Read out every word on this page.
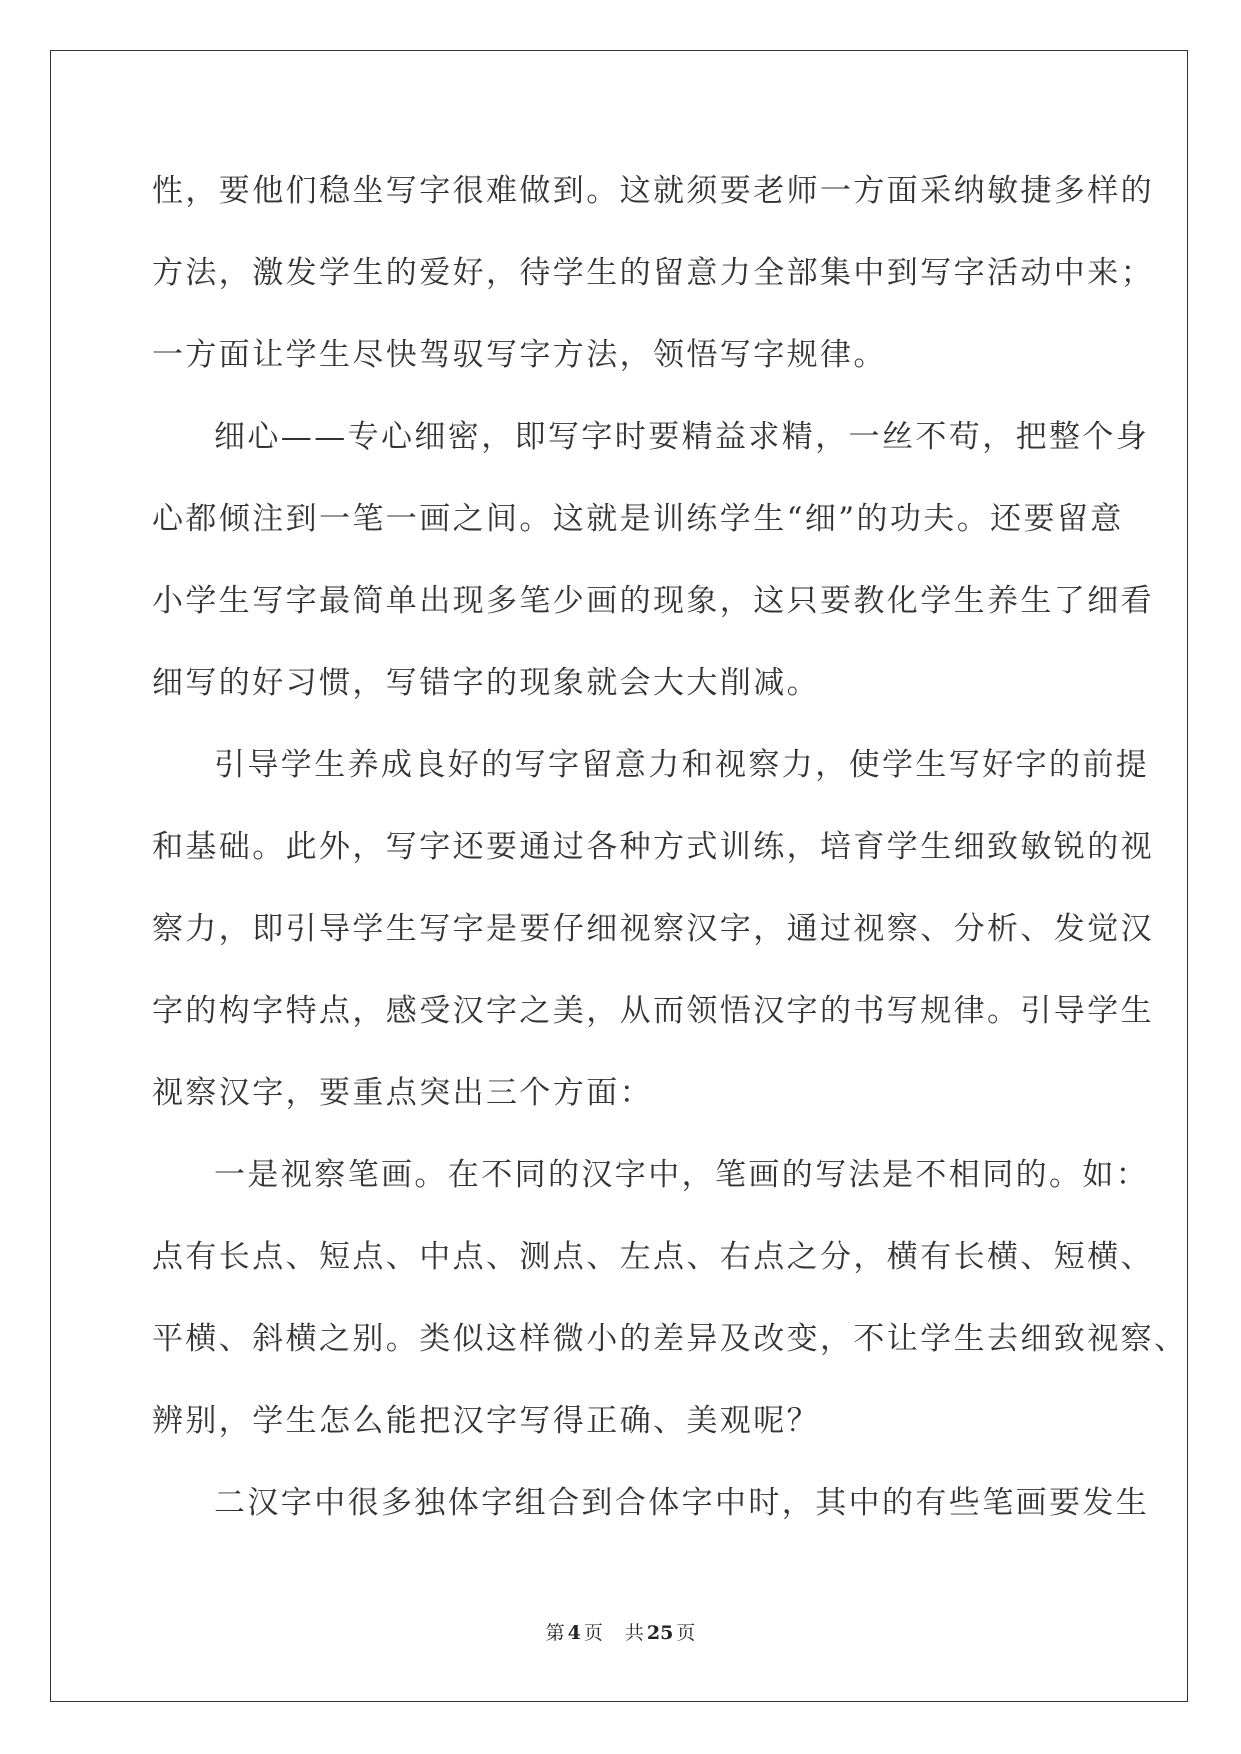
性，要他们稳坐写字很难做到。这就须要老师一方面采纳敏捷多样的
方法，激发学生的爱好，待学生的留意力全部集中到写字活动中来；
一方面让学生尽快驾驭写字方法，领悟写字规律。
细心——专心细密，即写字时要精益求精，一丝不苟，把整个身
心都倾注到一笔一画之间。这就是训练学生“细”的功夫。还要留意
小学生写字最简单出现多笔少画的现象，这只要教化学生养生了细看
细写的好习惯，写错字的现象就会大大削减。
引导学生养成良好的写字留意力和视察力，使学生写好字的前提
和基础。此外，写字还要通过各种方式训练，培育学生细致敏锐的视
察力，即引导学生写字是要仔细视察汉字，通过视察、分析、发觉汉
字的构字特点，感受汉字之美，从而领悟汉字的书写规律。引导学生
视察汉字，要重点突出三个方面：
一是视察笔画。在不同的汉字中，笔画的写法是不相同的。如：
点有长点、短点、中点、测点、左点、右点之分，横有长横、短横、
平横、斜横之别。类似这样微小的差异及改变，不让学生去细致视察、
辨别，学生怎么能把汉字写得正确、美观呢？
二汉字中很多独体字组合到合体字中时，其中的有些笔画要发生
第 4 页 共 25 页
